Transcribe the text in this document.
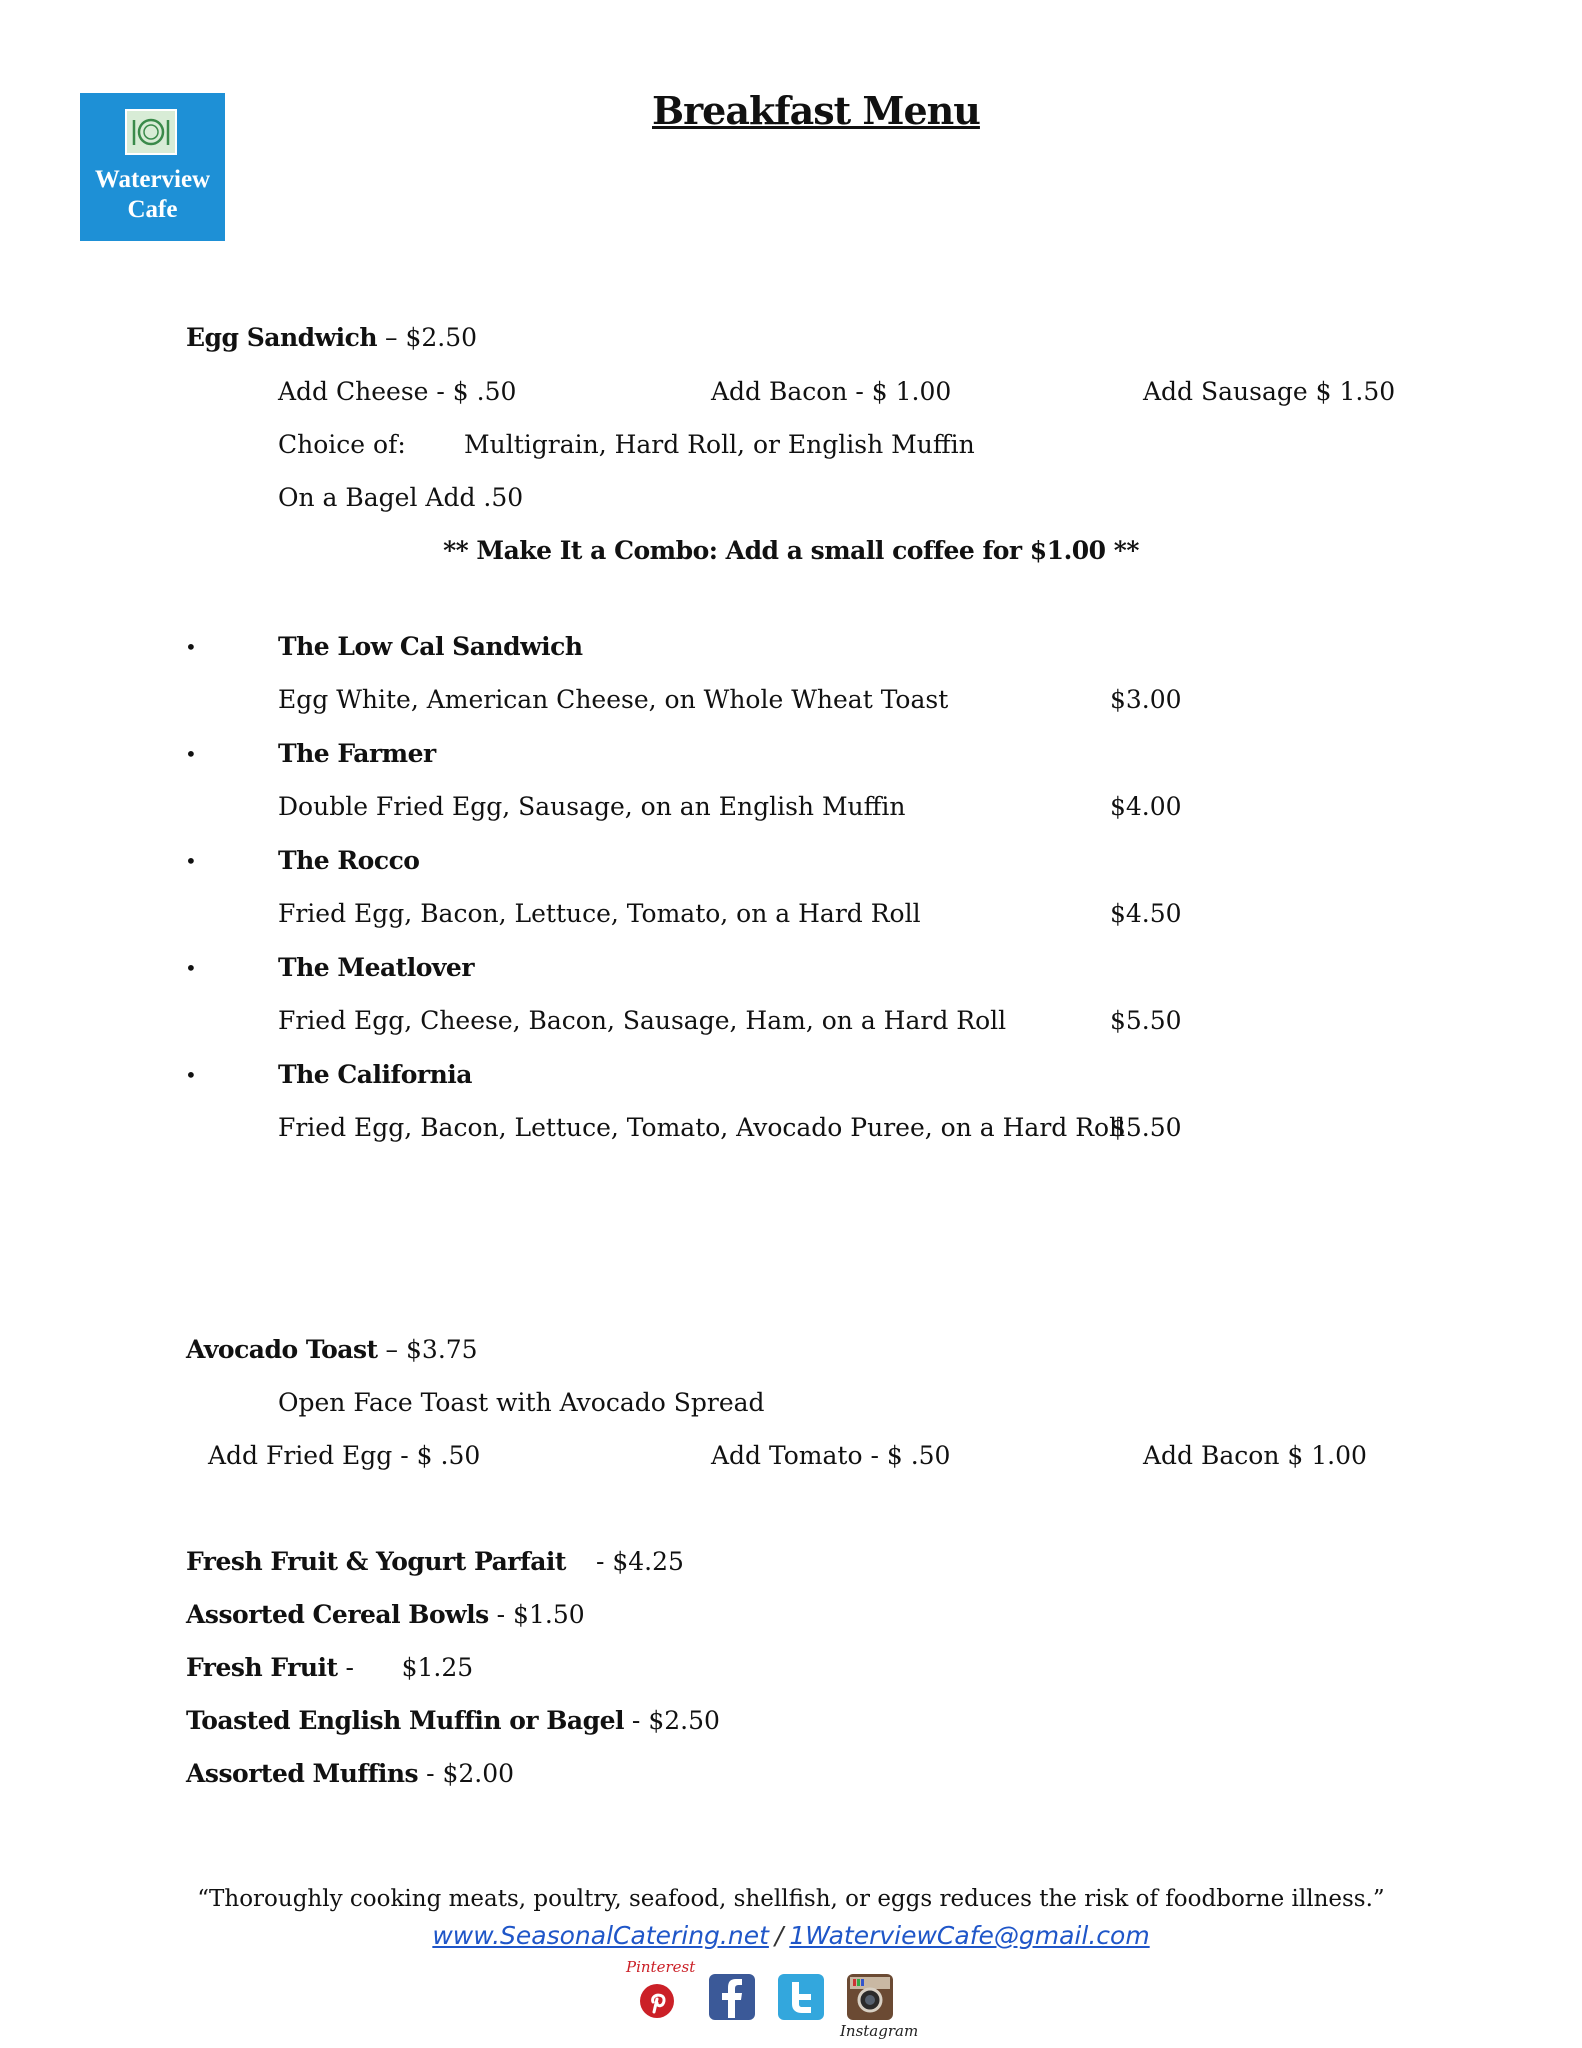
Waterview
Cafe
Breakfast Menu
Egg Sandwich – $2.50
Add Cheese - $ .50	Add Bacon - $ 1.00	Add Sausage $ 1.50
Choice of: Multigrain, Hard Roll, or English Muffin
On a Bagel Add .50
** Make It a Combo: Add a small coffee for $1.00 **
•	The Low Cal Sandwich
Egg White, American Cheese, on Whole Wheat Toast	$3.00
•	The Farmer
Double Fried Egg, Sausage, on an English Muffin	$4.00
•	The Rocco
Fried Egg, Bacon, Lettuce, Tomato, on a Hard Roll	$4.50
•	The Meatlover
Fried Egg, Cheese, Bacon, Sausage, Ham, on a Hard Roll	$5.50
•	The California
Fried Egg, Bacon, Lettuce, Tomato, Avocado Puree, on a Hard Roll
$5.50
Avocado Toast – $3.75
Open Face Toast with Avocado Spread
Add Fried Egg - $ .50	Add Tomato - $ .50	Add Bacon $ 1.00
Fresh Fruit & Yogurt Parfait - $4.25
Assorted Cereal Bowls - $1.50
Fresh Fruit -      $1.25
Toasted English Muffin or Bagel - $2.50
Assorted Muffins - $2.00
“Thoroughly cooking meats, poultry, seafood, shellfish, or eggs reduces the risk of foodborne illness.”
www.SeasonalCatering.net / 1WaterviewCafe@gmail.com
Pinterest
Instagram
